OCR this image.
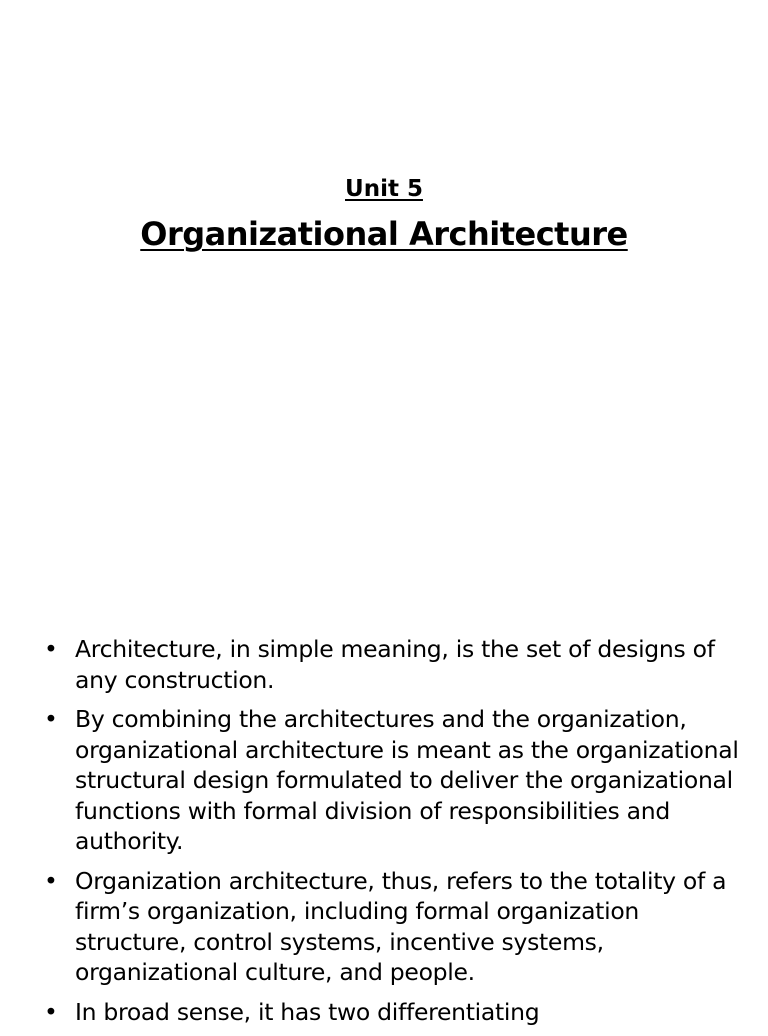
Unit 5
Organizational Architecture
• Architecture, in simple meaning, is the set of designs of any construction.
• By combining the architectures and the organization, organizational architecture is meant as the organizational structural design formulated to deliver the organizational functions with formal division of responsibilities and authority.
• Organization architecture, thus, refers to the totality of a firm’s organization, including formal organization structure, control systems, incentive systems, organizational culture, and people.
• In broad sense, it has two differentiating
